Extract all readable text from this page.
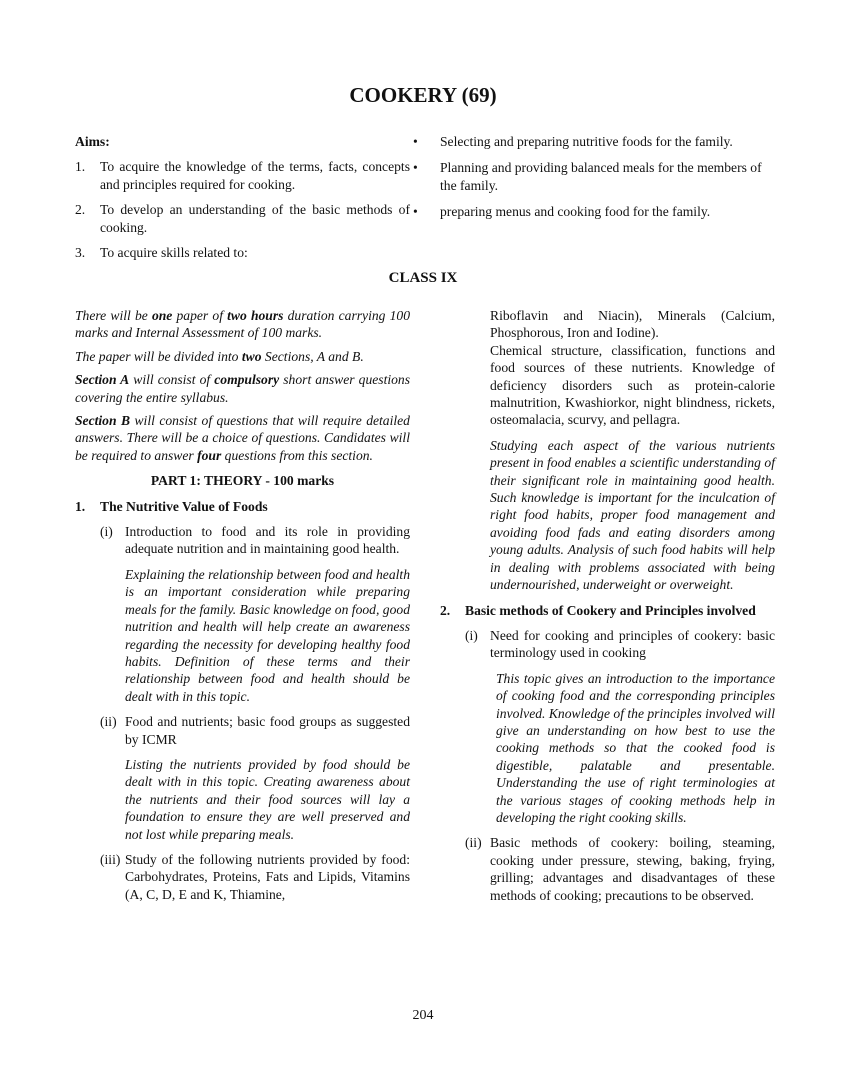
COOKERY (69)

Aims:

1.	To acquire the knowledge of the terms, facts, concepts and principles required for cooking.
2.	To develop an understanding of the basic methods of cooking.
3.	To acquire skills related to:
•	Selecting and preparing nutritive foods for the family.
•	Planning and providing balanced meals for the members of the family.
•	preparing menus and cooking food for the family.
CLASS IX

There will be one paper of two hours duration carrying 100 marks and Internal Assessment of 100 marks.

The paper will be divided into two Sections, A and B.

Section A will consist of compulsory short answer questions covering the entire syllabus.

Section B will consist of questions that will require detailed answers. There will be a choice of questions. Candidates will be required to answer four questions from this section.

PART 1: THEORY - 100 marks

1.	The Nutritive Value of Foods
(i) Introduction to food and its role in providing adequate nutrition and in maintaining good health.

Explaining the relationship between food and health is an important consideration while preparing meals for the family. Basic knowledge on food, good nutrition and health will help create an awareness regarding the necessity for developing healthy food habits. Definition of these terms and their relationship between food and health should be dealt with in this topic.

(ii) Food and nutrients; basic food groups as suggested by ICMR

Listing the nutrients provided by food should be dealt with in this topic. Creating awareness about the nutrients and their food sources will lay a foundation to ensure they are well preserved and not lost while preparing meals.

(iii) Study of the following nutrients provided by food: Carbohydrates, Proteins, Fats and Lipids, Vitamins (A, C, D, E and K, Thiamine,

Riboflavin and Niacin), Minerals (Calcium, Phosphorous, Iron and Iodine).

Chemical structure, classification, functions and food sources of these nutrients. Knowledge of deficiency disorders such as protein-calorie malnutrition, Kwashiorkor, night blindness, rickets, osteomalacia, scurvy, and pellagra.

Studying each aspect of the various nutrients present in food enables a scientific understanding of their significant role in maintaining good health. Such knowledge is important for the inculcation of right food habits, proper food management and avoiding food fads and eating disorders among young adults. Analysis of such food habits will help in dealing with problems associated with being undernourished, underweight or overweight.

2.	Basic methods of Cookery and Principles involved
(i) Need for cooking and principles of cookery: basic terminology used in cooking

This topic gives an introduction to the importance of cooking food and the corresponding principles involved. Knowledge of the principles involved will give an understanding on how best to use the cooking methods so that the cooked food is digestible, palatable and presentable. Understanding the use of right terminologies at the various stages of cooking methods help in developing the right cooking skills.

(ii) Basic methods of cookery: boiling, steaming, cooking under pressure, stewing, baking, frying, grilling; advantages and disadvantages of these methods of cooking; precautions to be observed.
204
